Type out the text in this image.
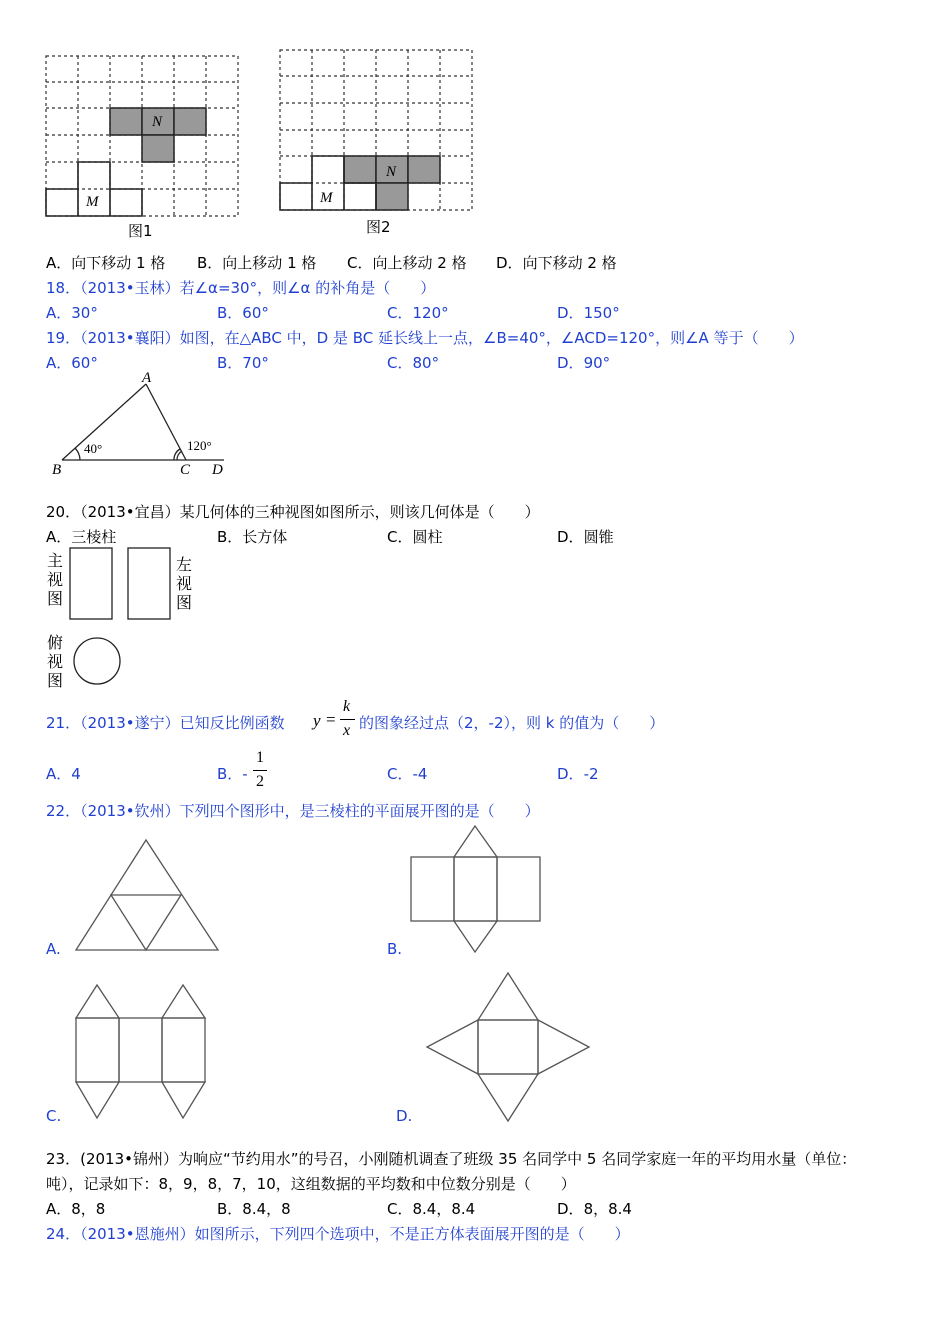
N
M
图1
N
M
图2
A．向下移动 1 格 B．向上移动 1 格 C．向上移动 2 格 D．向下移动 2 格
18．（2013•玉林）若∠α=30°，则∠α 的补角是（　　）
A．30°	B．60°	C．120°	D．150°
19．（2013•襄阳）如图，在△ABC 中，D 是 BC 延长线上一点，∠B=40°，∠ACD=120°，则∠A 等于（　　）
A．60°	B．70°	C．80°	D．90°
A
B	C D
40°	120°
20．（2013•宜昌）某几何体的三种视图如图所示，则该几何体是（　　）
A．三棱柱	B．长方体	C．圆柱	D．圆锥
主视图
左视图
俯视图
21．（2013•遂宁）已知反比例函数 y =
k
x 的图象经过点（2，-2），则 k 的值为（　　）
A．4	B．-
1
2	C．-4	D．-2
22．（2013•钦州）下列四个图形中，是三棱柱的平面展开图的是（　　）
A.	B.
C.	D.
23．(2013•锦州）为响应“节约用水”的号召，小刚随机调查了班级 35 名同学中 5 名同学家庭一年的平均用水量（单位：
吨），记录如下：8，9，8，7，10，这组数据的平均数和中位数分别是（　　）
A．8，8	B．8.4，8	C．8.4，8.4	D．8，8.4
24．（2013•恩施州）如图所示，下列四个选项中，不是正方体表面展开图的是（　　）
